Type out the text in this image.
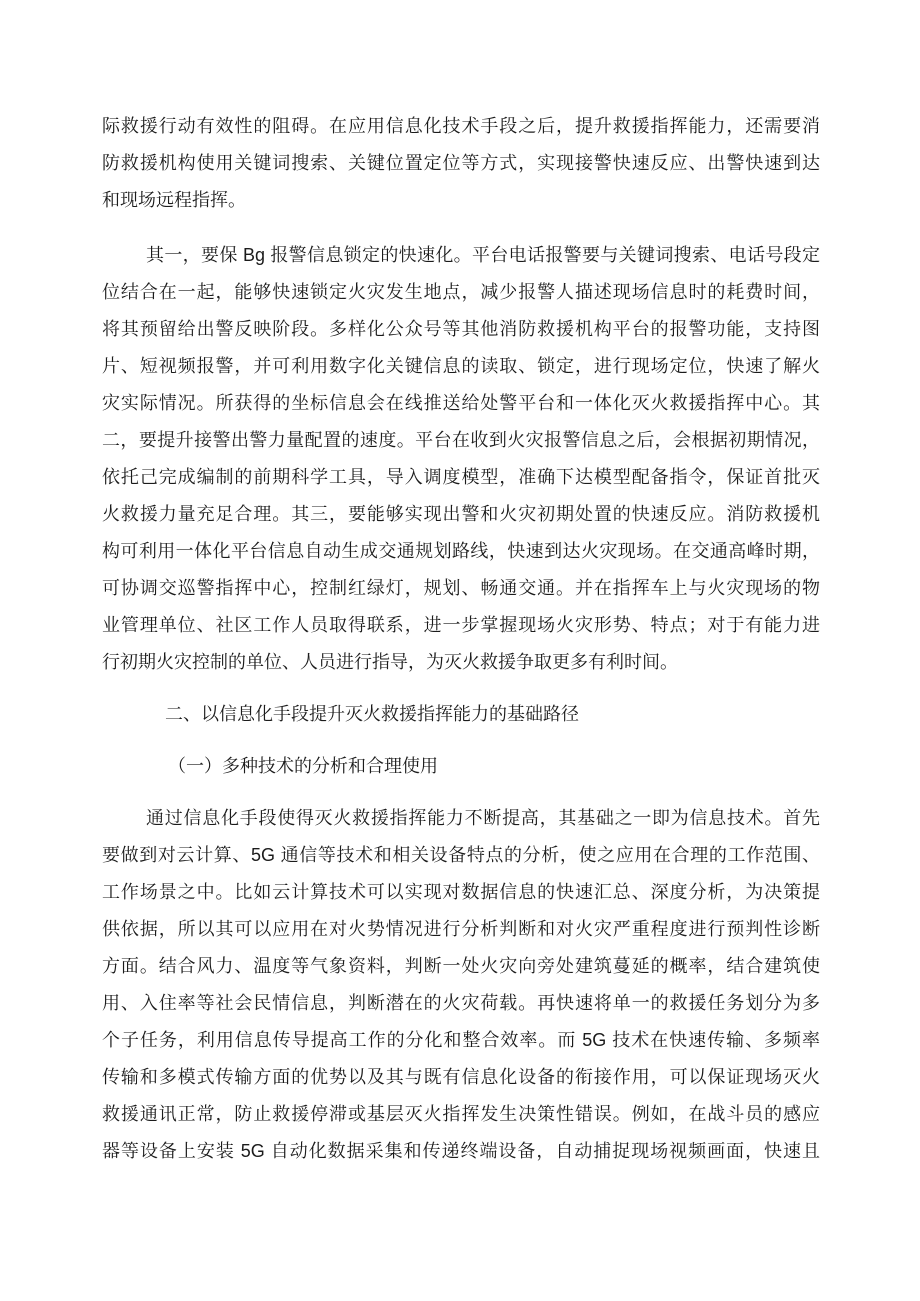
际救援行动有效性的阻碍。在应用信息化技术手段之后，提升救援指挥能力，还需要消
防救援机构使用关键词搜索、关键位置定位等方式，实现接警快速反应、出警快速到达
和现场远程指挥。
其一，要保 Bg 报警信息锁定的快速化。平台电话报警要与关键词搜索、电话号段定
位结合在一起，能够快速锁定火灾发生地点，减少报警人描述现场信息时的耗费时间，
将其预留给出警反映阶段。多样化公众号等其他消防救援机构平台的报警功能，支持图
片、短视频报警，并可利用数字化关键信息的读取、锁定，进行现场定位，快速了解火
灾实际情况。所获得的坐标信息会在线推送给处警平台和一体化灭火救援指挥中心。其
二，要提升接警出警力量配置的速度。平台在收到火灾报警信息之后，会根据初期情况，
依托己完成编制的前期科学工具，导入调度模型，准确下达模型配备指令，保证首批灭
火救援力量充足合理。其三，要能够实现出警和火灾初期处置的快速反应。消防救援机
构可利用一体化平台信息自动生成交通规划路线，快速到达火灾现场。在交通高峰时期，
可协调交巡警指挥中心，控制红绿灯，规划、畅通交通。并在指挥车上与火灾现场的物
业管理单位、社区工作人员取得联系，进一步掌握现场火灾形势、特点；对于有能力进
行初期火灾控制的单位、人员进行指导，为灭火救援争取更多有利时间。
二、以信息化手段提升灭火救援指挥能力的基础路径
（一）多种技术的分析和合理使用
通过信息化手段使得灭火救援指挥能力不断提高，其基础之一即为信息技术。首先
要做到对云计算、5G 通信等技术和相关设备特点的分析，使之应用在合理的工作范围、
工作场景之中。比如云计算技术可以实现对数据信息的快速汇总、深度分析，为决策提
供依据，所以其可以应用在对火势情况进行分析判断和对火灾严重程度进行预判性诊断
方面。结合风力、温度等气象资料，判断一处火灾向旁处建筑蔓延的概率，结合建筑使
用、入住率等社会民情信息，判断潜在的火灾荷载。再快速将单一的救援任务划分为多
个子任务，利用信息传导提高工作的分化和整合效率。而 5G 技术在快速传输、多频率
传输和多模式传输方面的优势以及其与既有信息化设备的衔接作用，可以保证现场灭火
救援通讯正常，防止救援停滞或基层灭火指挥发生决策性错误。例如，在战斗员的感应
器等设备上安装 5G 自动化数据采集和传递终端设备，自动捕捉现场视频画面，快速且
